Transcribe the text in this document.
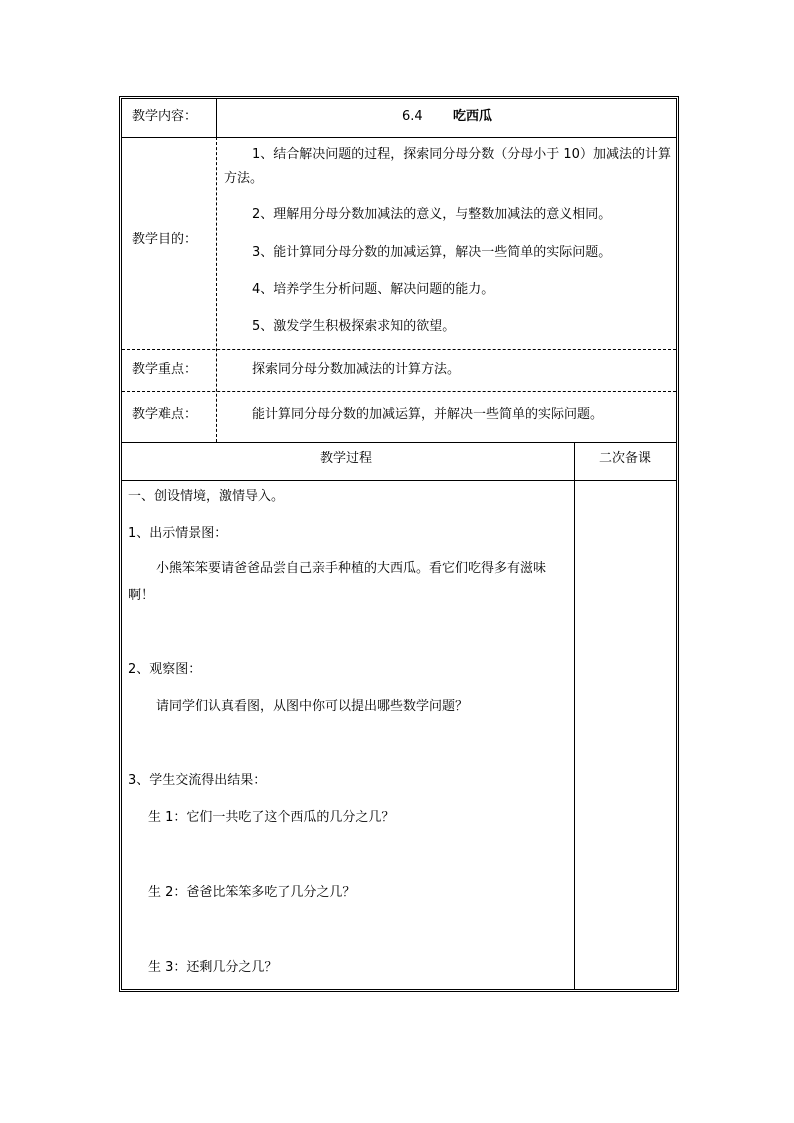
教学内容：	6.4 吃西瓜
教学目的：
1、结合解决问题的过程，探索同分母分数（分母小于 10）加减法的计算方法。
2、理解用分母分数加减法的意义，与整数加减法的意义相同。
3、能计算同分母分数的加减运算，解决一些简单的实际问题。
4、培养学生分析问题、解决问题的能力。
5、激发学生积极探索求知的欲望。
教学重点：	探索同分母分数加减法的计算方法。
教学难点：	能计算同分母分数的加减运算，并解决一些简单的实际问题。
教学过程	二次备课
一、创设情境，激情导入。
1、出示情景图：
小熊笨笨要请爸爸品尝自己亲手种植的大西瓜。看它们吃得多有滋味啊！
2、观察图：
请同学们认真看图，从图中你可以提出哪些数学问题？
3、学生交流得出结果：
生 1：它们一共吃了这个西瓜的几分之几？
生 2：爸爸比笨笨多吃了几分之几？
生 3：还剩几分之几？
